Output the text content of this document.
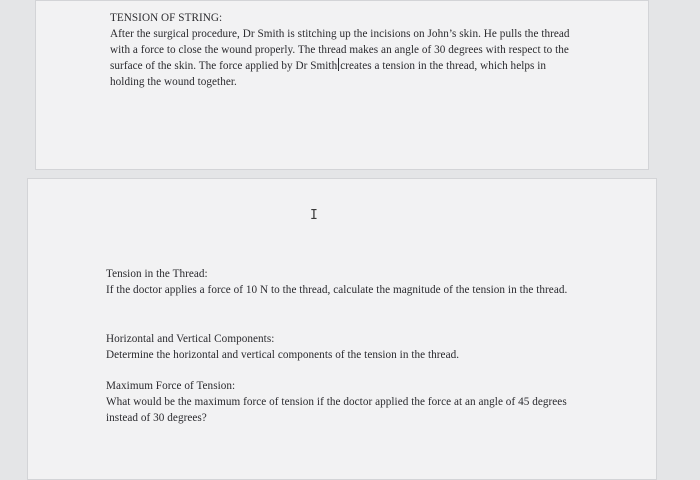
TENSION OF STRING:

After the surgical procedure, Dr Smith is stitching up the incisions on John’s skin. He pulls the thread with a force to close the wound properly. The thread makes an angle of 30 degrees with respect to the surface of the skin. The force applied by Dr Smith creates a tension in the thread, which helps in holding the wound together.

I

Tension in the Thread:

If the doctor applies a force of 10 N to the thread, calculate the magnitude of the tension in the thread.

Horizontal and Vertical Components:

Determine the horizontal and vertical components of the tension in the thread.

Maximum Force of Tension:

What would be the maximum force of tension if the doctor applied the force at an angle of 45 degrees instead of 30 degrees?
